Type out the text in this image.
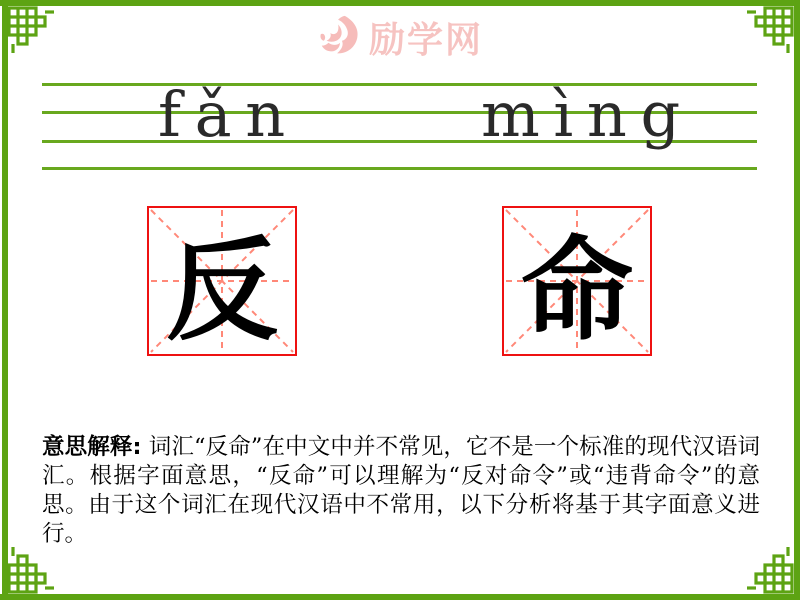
励学网
fǎn	mìng
反 命

意思解释: 词汇“反命”在中文中并不常见，它不是一个标准的现代汉语词汇。根据字面意思，“反命”可以理解为“反对命令”或“违背命令”的意思。由于这个词汇在现代汉语中不常用，以下分析将基于其字面意义进行。
